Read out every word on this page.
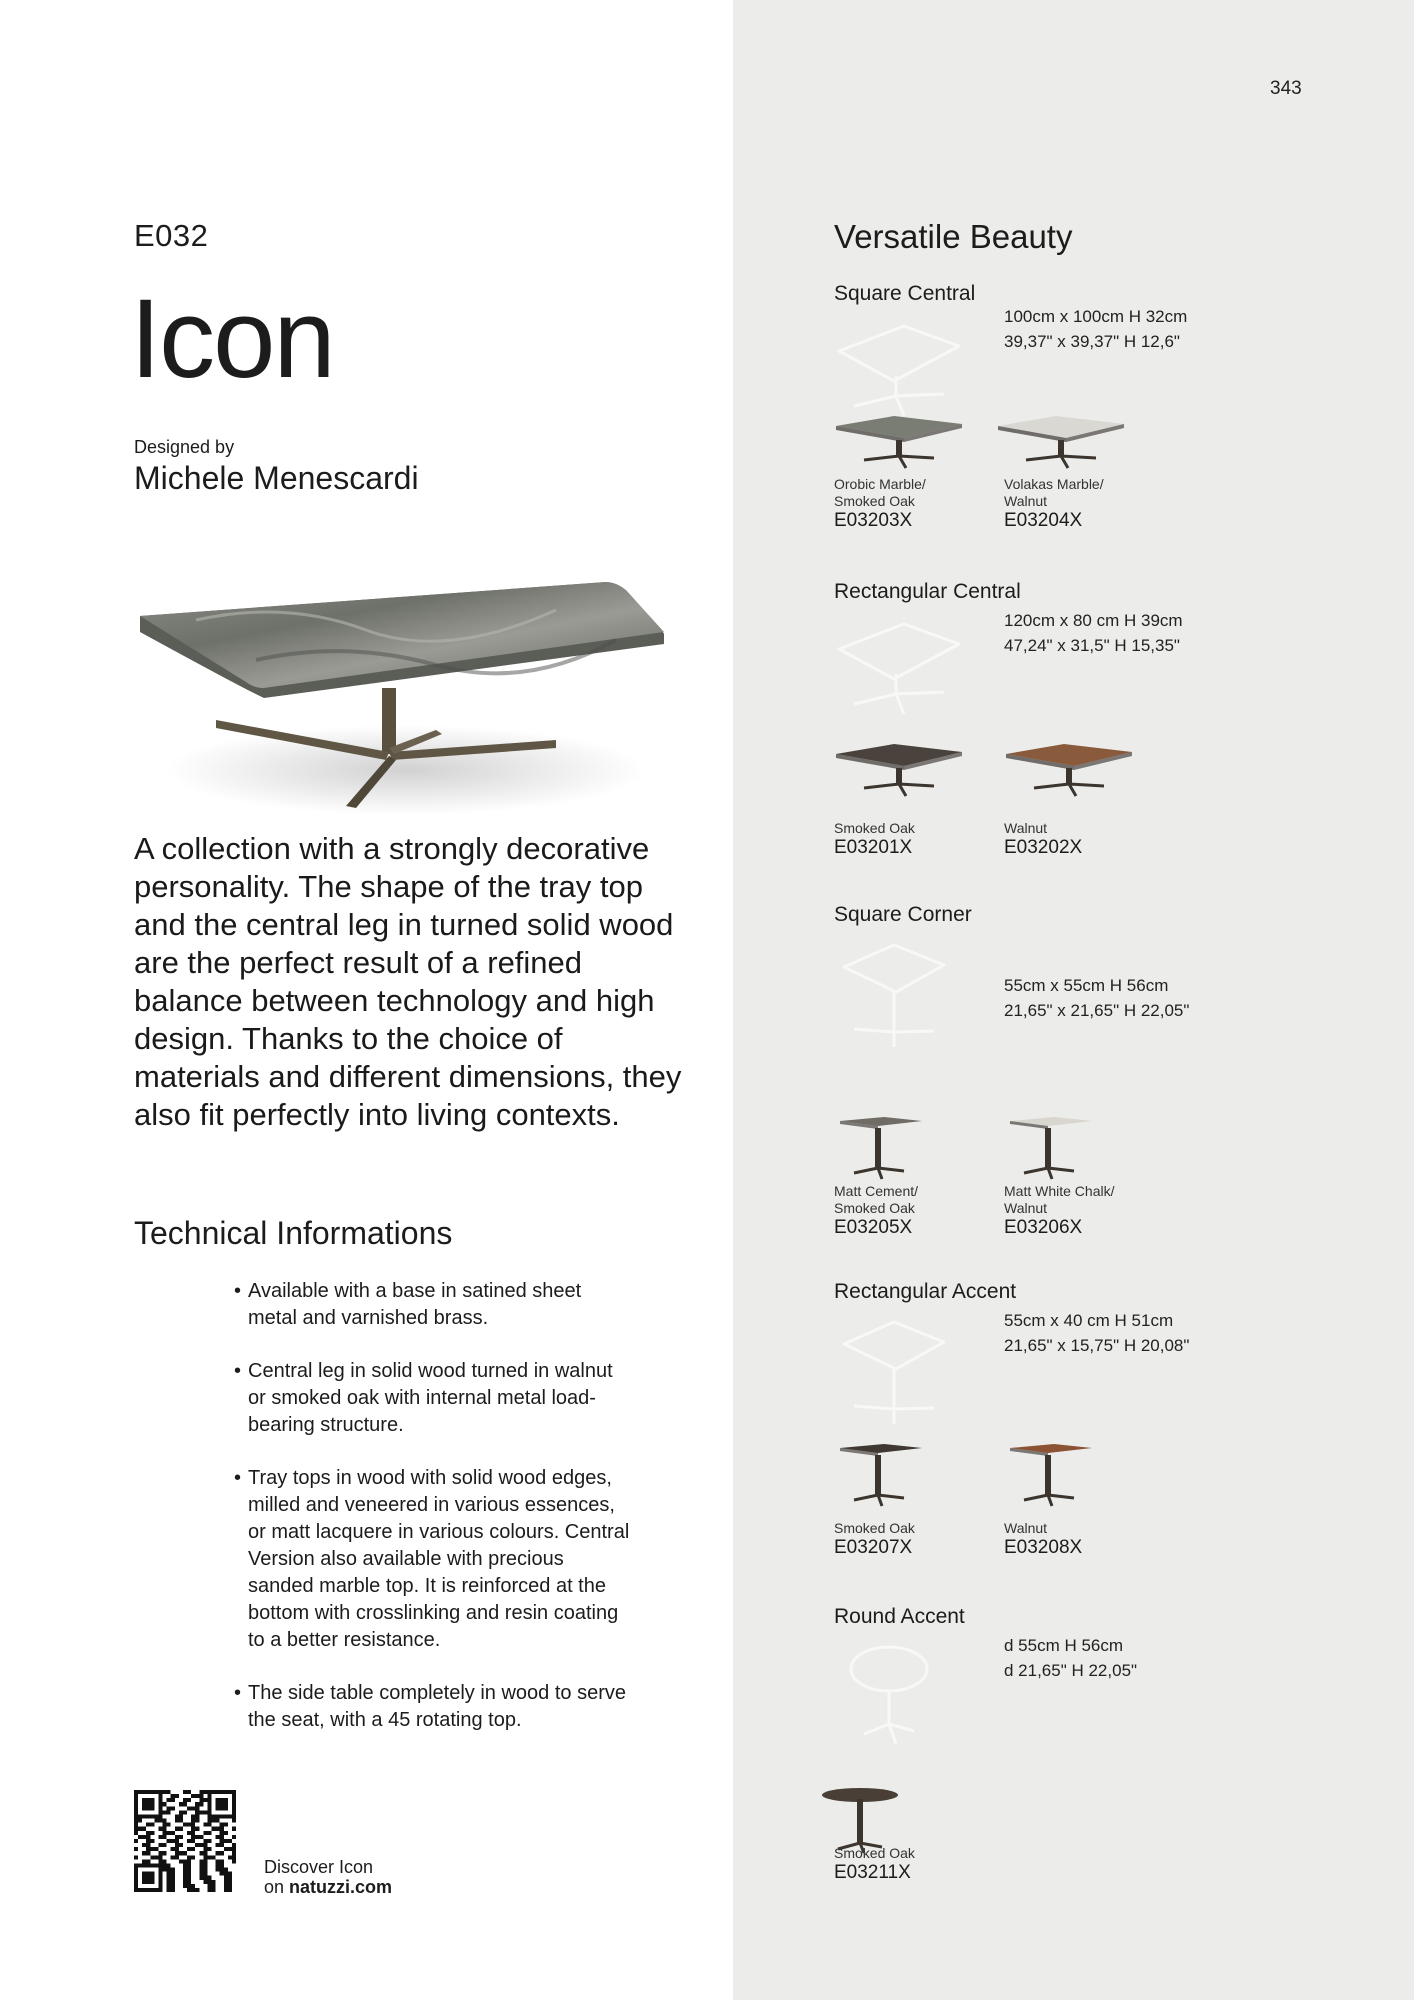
343
E032
Icon
Designed by
Michele Menescardi

A collection with a strongly decorative personality. The shape of the tray top and the central leg in turned solid wood are the perfect result of a refined balance between technology and high design. Thanks to the choice of materials and different dimensions, they also fit perfectly into living contexts.

Technical Informations
• Available with a base in satined sheet metal and varnished brass.
• Central leg in solid wood turned in walnut or smoked oak with internal metal load-bearing structure.
• Tray tops in wood with solid wood edges, milled and veneered in various essences, or matt lacquere in various colours. Central Version also available with precious sanded marble top. It is reinforced at the bottom with crosslinking and resin coating to a better resistance.
• The side table completely in wood to serve the seat, with a 45 rotating top.
Discover Icon
on natuzzi.com
Versatile Beauty
Square Central
100cm x 100cm H 32cm
39,37" x 39,37" H 12,6"
Orobic Marble/
Smoked Oak
E03203X
Volakas Marble/
Walnut
E03204X
Rectangular Central
120cm x 80 cm H 39cm
47,24" x 31,5" H 15,35"
Smoked Oak
E03201X
Walnut
E03202X
Square Corner
55cm x 55cm H 56cm
21,65" x 21,65" H 22,05"
Matt Cement/
Smoked Oak
E03205X
Matt White Chalk/
Walnut
E03206X
Rectangular Accent
55cm x 40 cm H 51cm
21,65" x 15,75" H 20,08"
Smoked Oak
E03207X
Walnut
E03208X
Round Accent
d 55cm H 56cm
d 21,65" H 22,05"
Smoked Oak
E03211X
